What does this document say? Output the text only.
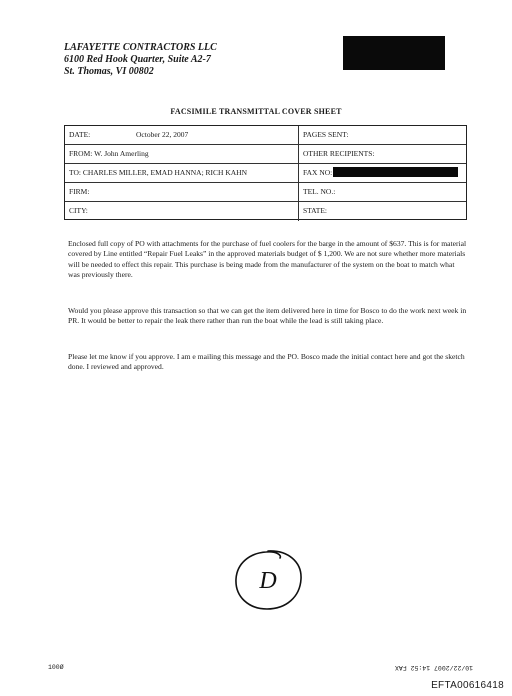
LAFAYETTE CONTRACTORS LLC
6100 Red Hook Quarter, Suite A2-7
St. Thomas, VI 00802
FACSIMILE TRANSMITTAL COVER SHEET
DATE:	October 22, 2007	PAGES SENT:
FROM: W. John Amerling	OTHER RECIPIENTS:
TO: CHARLES MILLER, EMAD HANNA; RICH KAHN	FAX NO:
FIRM:	TEL. NO.:
CITY:	STATE:
Enclosed full copy of PO with attachments for the purchase of fuel coolers for the barge in the amount of $637. This is for material covered by Line entitled “Repair Fuel Leaks” in the approved materials budget of $ 1,200. We are not sure whether more materials will be needed to effect this repair. This purchase is being made from the manufacturer of the system on the boat to match what was previously there.
Would you please approve this transaction so that we can get the item delivered here in time for Bosco to do the work next week in PR. It would be better to repair the leak there rather than run the boat while the lead is still taking place.
Please let me know if you approve. I am e mailing this message and the PO. Bosco made the initial contact here and got the sketch done. I reviewed and approved.
D
100Ø	10/22/2007 14:52 FAX
EFTA00616418
